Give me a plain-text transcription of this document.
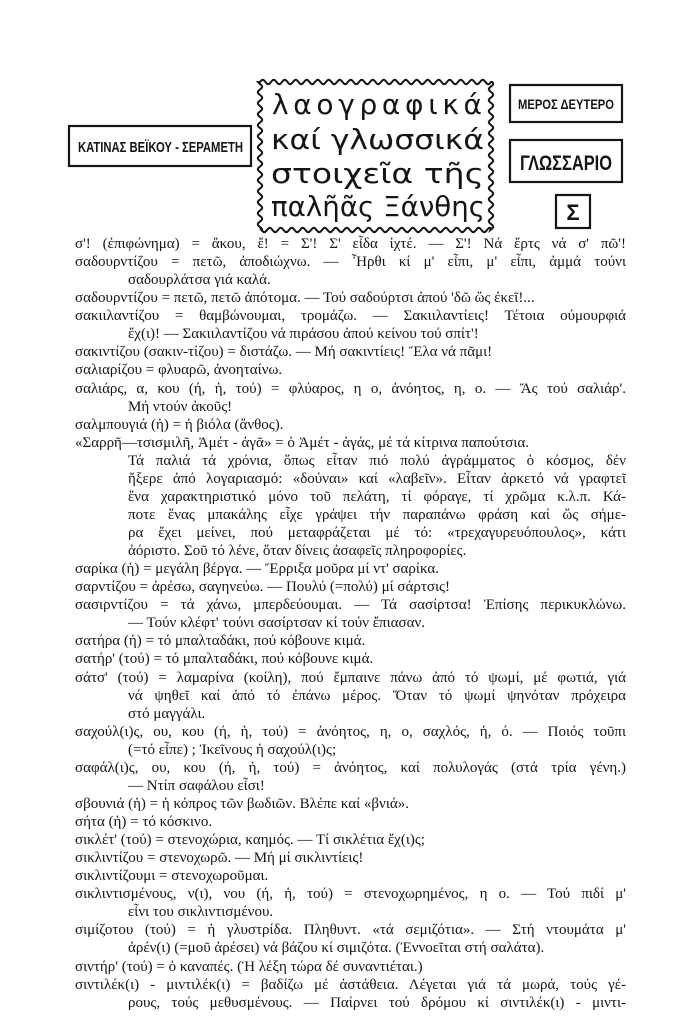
ΚΑΤΙΝΑΣ ΒΕΪΚΟΥ - ΣΕΡΑΜΕΤΗ
λαογραφικά
καί γλωσσικά
στοιχεῖα τῆς
παλῆᾶς Ξάνθης
ΜΕΡΟΣ ΔΕΥΤΕΡΟ
ΓΛΩΣΣΑΡΙΟ
Σ
σ'! (ἐπιφώνημα) = ἄκου, ἔ! = Σ'! Σ' εἶδα ἰχτέ. — Σ'! Νά ἔρτς νά σ' πῶ'!
σαδουρντίζου = πετῶ, ἀποδιώχνω. — Ἦρθι κί μ' εἶπι, μ' εἶπι, ἀμμά τούνι
σαδουρλάτσα γιά καλά.
σαδουρντίζου = πετῶ, πετῶ ἀπότομα. — Τού σαδούρτσι ἀπού 'δῶ ὥς ἐκεῖ!...
σακιιλαντίζου = θαμβώνουμαι, τρομάζω. — Σακιιλαντίεις! Τέτοια ούμουρφιά
ἔχ(ι)! — Σακιιλαντίζου νά πιράσου ἀπού κείνου τού σπίτ'!
σακιντίζου (σακιν-τίζου) = διστάζω. — Μή σακιντίεις! Ἔλα νά πᾶμι!
σαλιαρίζου = φλυαρῶ, ἀνοηταίνω.
σαλιάρς, α, κου (ή, ἡ, τού) = φλύαρος, η ο, ἀνόητος, η, ο. — Ἄς τού σαλιάρ'.
Μή ντούν ἀκοῦς!
σαλμπουγιά (ἡ) = ἡ βιόλα (ἄνθος).
«Σαρρῆ—τσισμιλῆ, Ἀμέτ - ἀγᾶ» = ὁ Ἀμέτ - ἀγάς, μέ τά κίτρινα παπούτσια.
Τά παλιά τά χρόνια, ὅπως εἶταν πιό πολύ ἀγράμματος ὁ κόσμος, δέν
ἤξερε ἀπό λογαριασμό: «δούναι» καί «λαβεῖν». Εἶταν ἀρκετό νά γραφτεῖ
ἕνα χαρακτηριστικό μόνο τοῦ πελάτη, τί φόραγε, τί χρῶμα κ.λ.π. Κά-
ποτε ἕνας μπακάλης εἶχε γράψει τήν παραπάνω φράση καί ὥς σήμε-
ρα ἔχει μείνει, πού μεταφράζεται μέ τό: «τρεχαγυρευόπουλος», κάτι
ἀόριστο. Σοῦ τό λένε, ὅταν δίνεις ἀσαφεῖς πληροφορίες.
σαρίκα (ἡ) = μεγάλη βέργα. — Ἔρριξα μοῦρα μί ντ' σαρίκα.
σαρντίζου = ἀρέσω, σαγηνεύω. — Πουλύ (=πολύ) μί σάρτσις!
σασιρντίζου = τά χάνω, μπερδεύουμαι. — Τά σασίρτσα! Ἐπίσης περικυκλώνω.
— Τούν κλέφτ' τούνι σασίρτσαν κί τούν ἔπιασαν.
σατήρα (ἡ) = τό μπαλταδάκι, πού κόβουνε κιμά.
σατήρ' (τού) = τό μπαλταδάκι, πού κόβουνε κιμά.
σάτσ' (τού) = λαμαρίνα (κοίλη), πού ἔμπαινε πάνω ἀπό τό ψωμί, μέ φωτιά, γιά
νά ψηθεῖ καί ἀπό τό ἐπάνω μέρος. Ὅταν τό ψωμί ψηνόταν πρόχειρα
στό μαγγάλι.
σαχούλ(ι)ς, ου, κου (ή, ἡ, τού) = ἀνόητος, η, ο, σαχλός, ἡ, ό. — Ποιός τοῦπι
(=τό εἶπε) ; Ἰκεῖνους ἡ σαχούλ(ι)ς;
σαφάλ(ι)ς, ου, κου (ή, ἡ, τού) = ἀνόητος, καί πολυλογάς (στά τρία γένη.)
— Ντίπ σαφάλου εἶσι!
σβουνιά (ἡ) = ἡ κόπρος τῶν βωδιῶν. Βλέπε καί «βνιά».
σήτα (ἡ) = τό κόσκινο.
σικλέτ' (τού) = στενοχώρια, καημός. — Τί σικλέτια ἔχ(ι)ς;
σικλιντίζου = στενοχωρῶ. — Μή μί σικλιντίεις!
σικλιντίζουμι = στενοχωροῦμαι.
σικλιντισμένους, ν(ι), νου (ή, ἡ, τού) = στενοχωρημένος, η ο. — Τού πιδί μ'
εἶνι του σικλιντισμένου.
σιμίζοτου (τού) = ἡ γλυστρίδα. Πληθυντ. «τά σεμιζότια». — Στή ντουμάτα μ'
ἀρέν(ι) (=μοῦ ἀρέσει) νά βάζου κί σιμιζότα. (Ἐννοεῖται στή σαλάτα).
σιντήρ' (τού) = ὁ καναπές. (Ἡ λέξη τώρα δέ συναντιέται.)
σιντιλέκ(ι) - μιντιλέκ(ι) = βαδίζω μέ ἀστάθεια. Λέγεται γιά τά μωρά, τούς γέ-
ρους, τούς μεθυσμένους. — Παίρνει τού δρόμου κί σιντιλέκ(ι) - μιντι-
